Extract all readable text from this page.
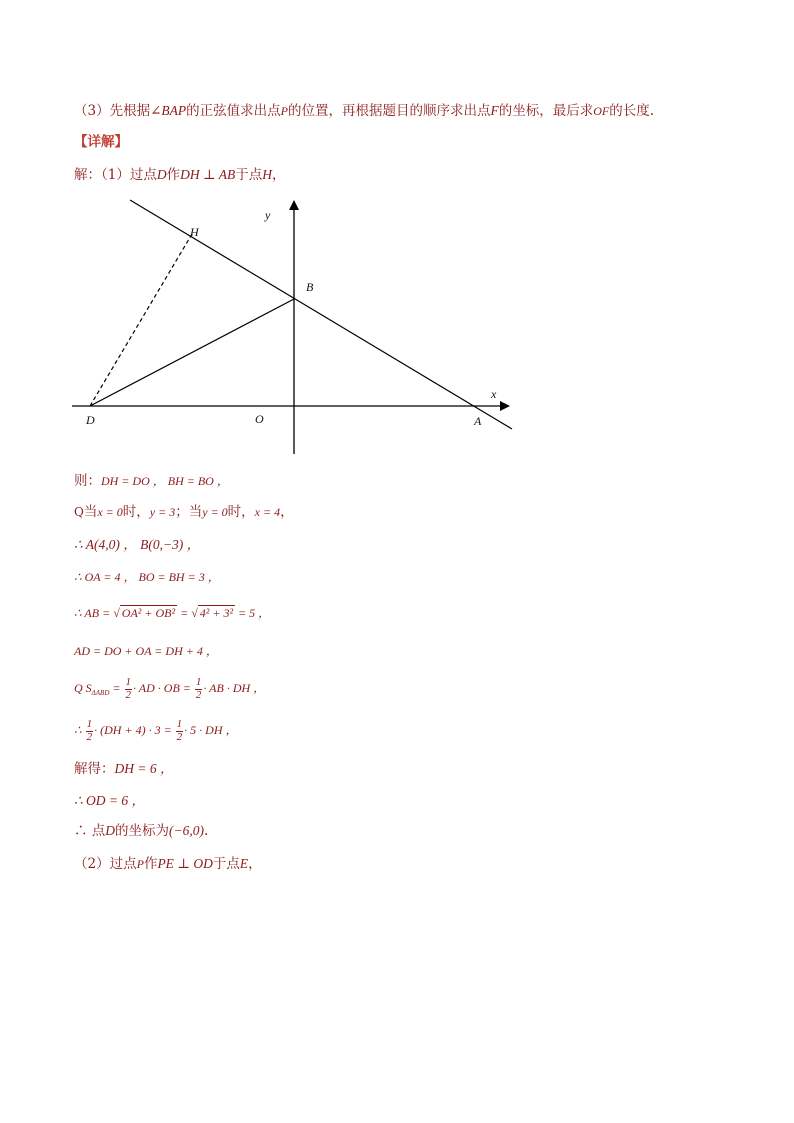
（3）先根据∠BAP的正弦值求出点P的位置，再根据题目的顺序求出点F的坐标，最后求OF的长度.
【详解】
解：（1）过点D作DH ⊥ AB于点H，
H
B
y
x
D	O	A
则：DH = DO ， BH = BO ，
Q当x = 0时，y = 3；当y = 0时，x = 4，
∴ A(4,0) ， B(0,−3) ，
∴ OA = 4 ， BO = BH = 3 ，
∴ AB = √ OA² + OB² = √ 4² + 3² = 5 ，
AD = DO + OA = DH + 4 ，
Q $S_{\Delta ABD} = \frac{1}{2}$ · AD · OB = $\frac{1}{2}$ · AB · DH ，
∴ $\frac{1}{2} \cdot (DH + 4) \cdot 3 = \frac{1}{2} \cdot 5$ · DH ，
解得：DH = 6 ，
∴ OD = 6 ，
∴ 点D的坐标为(−6,0).
（2）过点P作PE ⊥ OD于点E，
